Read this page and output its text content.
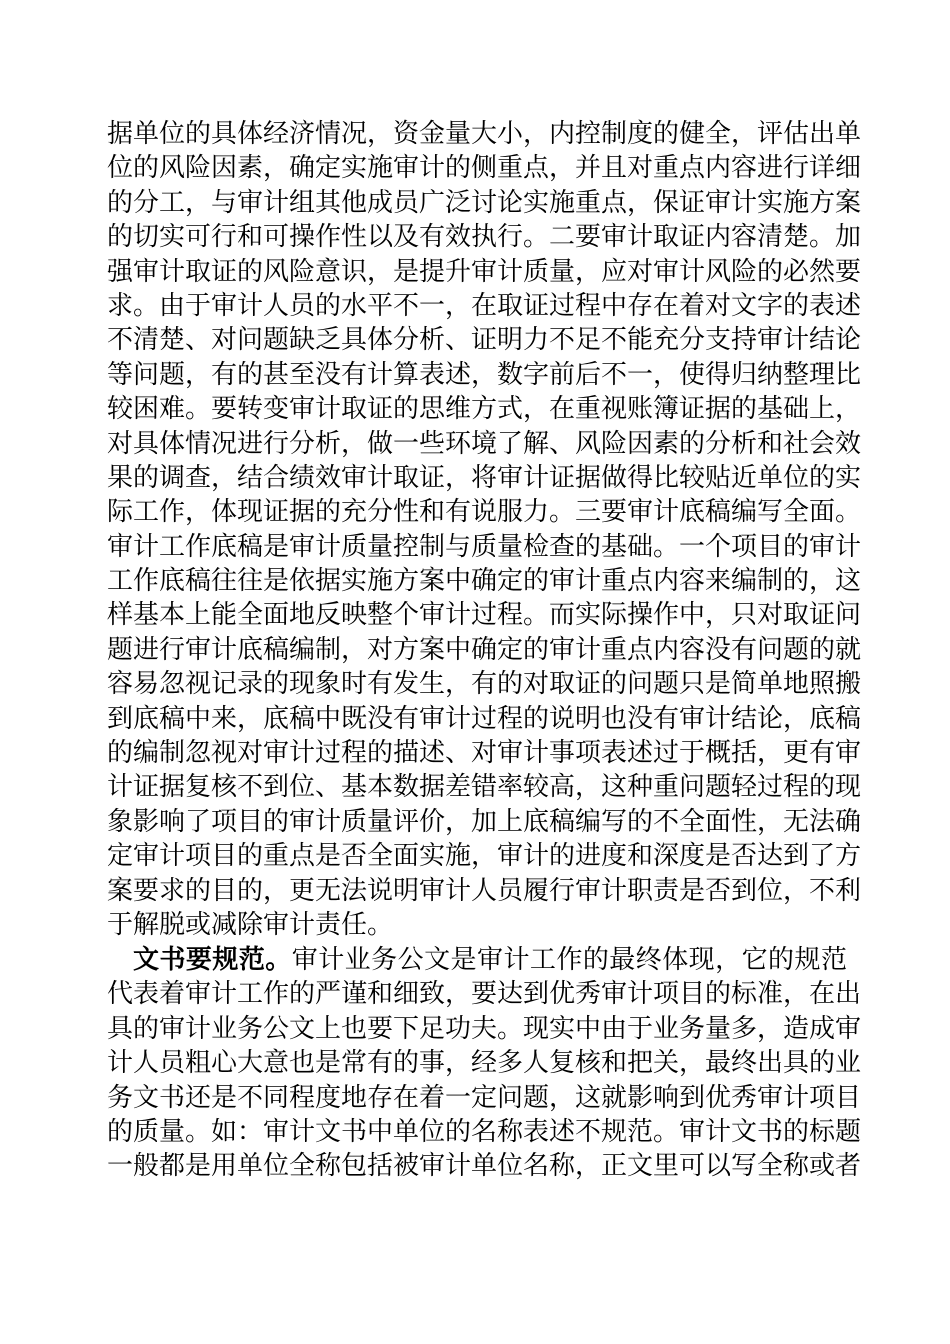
据单位的具体经济情况，资金量大小，内控制度的健全，评估出单
位的风险因素，确定实施审计的侧重点，并且对重点内容进行详细
的分工，与审计组其他成员广泛讨论实施重点，保证审计实施方案
的切实可行和可操作性以及有效执行。二要审计取证内容清楚。加
强审计取证的风险意识，是提升审计质量，应对审计风险的必然要
求。由于审计人员的水平不一，在取证过程中存在着对文字的表述
不清楚、对问题缺乏具体分析、证明力不足不能充分支持审计结论
等问题，有的甚至没有计算表述，数字前后不一，使得归纳整理比
较困难。要转变审计取证的思维方式，在重视账簿证据的基础上，
对具体情况进行分析，做一些环境了解、风险因素的分析和社会效
果的调查，结合绩效审计取证，将审计证据做得比较贴近单位的实
际工作，体现证据的充分性和有说服力。三要审计底稿编写全面。
审计工作底稿是审计质量控制与质量检查的基础。一个项目的审计
工作底稿往往是依据实施方案中确定的审计重点内容来编制的，这
样基本上能全面地反映整个审计过程。而实际操作中，只对取证问
题进行审计底稿编制，对方案中确定的审计重点内容没有问题的就
容易忽视记录的现象时有发生，有的对取证的问题只是简单地照搬
到底稿中来，底稿中既没有审计过程的说明也没有审计结论，底稿
的编制忽视对审计过程的描述、对审计事项表述过于概括，更有审
计证据复核不到位、基本数据差错率较高，这种重问题轻过程的现
象影响了项目的审计质量评价，加上底稿编写的不全面性，无法确
定审计项目的重点是否全面实施，审计的进度和深度是否达到了方
案要求的目的，更无法说明审计人员履行审计职责是否到位，不利
于解脱或减除审计责任。
文书要规范。审计业务公文是审计工作的最终体现，它的规范
代表着审计工作的严谨和细致，要达到优秀审计项目的标准，在出
具的审计业务公文上也要下足功夫。现实中由于业务量多，造成审
计人员粗心大意也是常有的事，经多人复核和把关，最终出具的业
务文书还是不同程度地存在着一定问题，这就影响到优秀审计项目
的质量。如：审计文书中单位的名称表述不规范。审计文书的标题
一般都是用单位全称包括被审计单位名称，正文里可以写全称或者
